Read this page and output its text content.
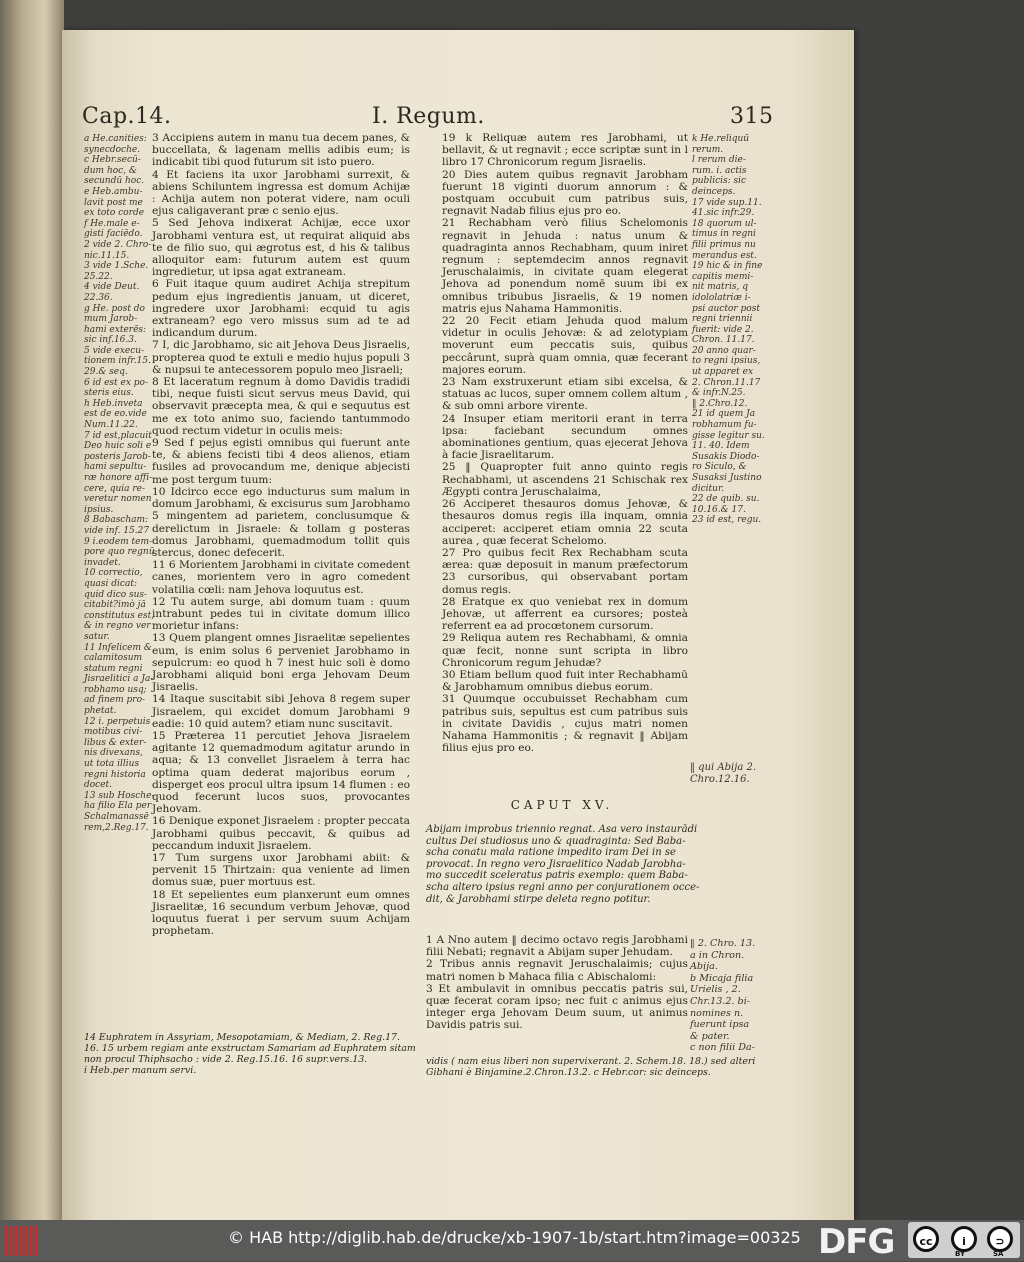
Cap.14.	I. Regum.	315
a He.canities:
synecdoche.
c Hebr.secū-
dum hoc, &
secundū hoc.
e Heb.ambu-
lavit post me
ex toto corde
f He.male e-
gisti faciēdo.
2 vide 2. Chro-
nic.11.15.
3 vide 1.Sche.
25.22.
4 vide Deut.
22.36.
g He. post do
mum Jarob-
hami exterēs:
sic inf.16.3.
5 vide execu-
tionem infr.15.
29.& seq.
6 id est ex po-
steris eius.
h Heb.inveta
est de eo.vide
Num.11.22.
7 id est,placuit
Deo huic soli e
posteris Jarob-
hami sepultu-
ræ honore affi-
cere, quia re-
veretur nomen
ipsius.
8 Babascham:
vide inf. 15.27
9 i.eodem tem-
pore quo regnū
invadet.
10 correctio,
quasi dicat:
quid dico sus-
citabit?imò jā
constitutus est,
& in regno ver
satur.
11 Infelicem &
calamitosum
statum regni
Jisraelitici a Ja-
robhamo usq;
ad finem pro-
phetat.
12 i. perpetuis
motibus civi-
libus & exter-
nis divexans,
ut tota illius
regni historia
docet.
13 sub Hosche-
ha filio Ela per
Schalmanassē
rem,2.Reg.17.

3 Accipiens autem in manu tua decem panes, & buccellata, & lagenam mellis adibis eum; is indicabit tibi quod futurum sit isto puero.

4 Et faciens ita uxor Jarobhami surrexit, & abiens Schiluntem ingressa est domum Achijæ : Achija autem non poterat videre, nam oculi ejus caligaverant præ c senio ejus.

5 Sed Jehova indixerat Achijæ, ecce uxor Jarobhami ventura est, ut requirat aliquid abs te de filio suo, qui ægrotus est, d his & talibus alloquitor eam: futurum autem est quum ingredietur, ut ipsa agat extraneam.

6 Fuit itaque quum audiret Achija strepitum pedum ejus ingredientis januam, ut diceret, ingredere uxor Jarobhami: ecquid tu agis extraneam? ego vero missus sum ad te ad indicandum durum.

7 I, dic Jarobhamo, sic ait Jehova Deus Jisraelis, propterea quod te extuli e medio hujus populi 3 & nupsui te antecessorem populo meo Jisraeli;

8 Et laceratum regnum à domo Davidis tradidi tibi, neque fuisti sicut servus meus David, qui observavit præcepta mea, & qui e sequutus est me ex toto animo suo, faciendo tantummodo quod rectum videtur in oculis meis:

9 Sed f pejus egisti omnibus qui fuerunt ante te, & abiens fecisti tibi 4 deos alienos, etiam fusiles ad provocandum me, denique abjecisti me post tergum tuum:

10 Idcirco ecce ego inducturus sum malum in domum Jarobhami, & excisurus sum Jarobhamo 5 mingentem ad parietem, conclusumque & derelictum in Jisraele: & tollam g posteras domus Jarobhami, quemadmodum tollit quis stercus, donec defecerit.

11 6 Morientem Jarobhami in civitate comedent canes, morientem vero in agro comedent volatilia cœli: nam Jehova loquutus est.

12 Tu autem surge, abi domum tuam : quum intrabunt pedes tui in civitate domum illico morietur infans:

13 Quem plangent omnes Jisraelitæ sepelientes eum, is enim solus 6 perveniet Jarobhamo in sepulcrum: eo quod h 7 inest huic soli è domo Jarobhami aliquid boni erga Jehovam Deum Jisraelis.

14 Itaque suscitabit sibi Jehova 8 regem super Jisraelem, qui excidet domum Jarobhami 9 eadie: 10 quid autem? etiam nunc suscitavit.

15 Præterea 11 percutiet Jehova Jisraelem agitante 12 quemadmodum agitatur arundo in aqua; & 13 convellet Jisraelem à terra hac optima quam dederat majoribus eorum , disperget eos procul ultra ipsum 14 flumen : eo quod fecerunt lucos suos, provocantes Jehovam.

16 Denique exponet Jisraelem : propter peccata Jarobhami quibus peccavit, & quibus ad peccandum induxit Jisraelem.

17 Tum surgens uxor Jarobhami abiit: & pervenit 15 Thirtzain: qua veniente ad limen domus suæ, puer mortuus est.

18 Et sepelientes eum planxerunt eum omnes Jisraelitæ, 16 secundum verbum Jehovæ, quod loquutus fuerat i per servum suum Achijam prophetam.

14 Euphratem in Assyriam, Mesopotamiam, & Mediam, 2. Reg.17.
16. 15 urbem regiam ante exstructam Samariam ad Euphratem sitam
non procul Thiphsacho : vide 2. Reg.15.16. 16 supr.vers.13.
i Heb.per manum servi.

19 k Reliquæ autem res Jarobhami, ut bellavit, & ut regnavit ; ecce scriptæ sunt in l libro 17 Chronicorum regum Jisraelis.

20 Dies autem quibus regnavit Jarobham fuerunt 18 viginti duorum annorum : & postquam occubuit cum patribus suis, regnavit Nadab filius ejus pro eo.

21 Rechabham verò filius Schelomonis regnavit in Jehuda : natus unum & quadraginta annos Rechabham, quum iniret regnum : septemdecim annos regnavit Jeruschalaimis, in civitate quam elegerat Jehova ad ponendum nomē suum ibi ex omnibus tribubus Jisraelis, & 19 nomen matris ejus Nahama Hammonitis.

22 20 Fecit etiam Jehuda quod malum videtur in oculis Jehovæ: & ad zelotypiam moverunt eum peccatis suis, quibus peccârunt, suprà quam omnia, quæ fecerant majores eorum.

23 Nam exstruxerunt etiam sibi excelsa, & statuas ac lucos, super omnem collem altum , & sub omni arbore virente.

24 Insuper etiam meritorii erant in terra ipsa: faciebant secundum omnes abominationes gentium, quas ejecerat Jehova à facie Jisraelitarum.

25 ‖ Quapropter fuit anno quinto regis Rechabhami, ut ascendens 21 Schischak rex Ægypti contra Jeruschalaima,

26 Acciperet thesauros domus Jehovæ, & thesauros domus regis illa inquam, omnia acciperet: acciperet etiam omnia 22 scuta aurea , quæ fecerat Schelomo.

27 Pro quibus fecit Rex Rechabham scuta ærea: quæ deposuit in manum præfectorum 23 cursoribus, qui observabant portam domus regis.

28 Eratque ex quo veniebat rex in domum Jehovæ, ut afferrent ea cursores; posteà referrent ea ad procœtonem cursorum.

29 Reliqua autem res Rechabhami, & omnia quæ fecit, nonne sunt scripta in libro Chronicorum regum Jehudæ?

30 Etiam bellum quod fuit inter Rechabhamū & Jarobhamum omnibus diebus eorum.

31 Quumque occubuisset Rechabham cum patribus suis, sepultus est cum patribus suis in civitate Davidis , cujus matri nomen Nahama Hammonitis ; & regnavit ‖ Abijam filius ejus pro eo.

k He.reliquū
rerum.
l rerum die-
rum. i. actis
publicis: sic
deinceps.
17 vide sup.11.
41.sic infr.29.
18 quorum ul-
timus in regni
filii primus nu
merandus est.
19 hic & in fine
capitis memi-
nit matris, q
idololatriæ i-
psi auctor post
regni triennii
fuerit: vide 2.
Chron. 11.17.
20 anno quar-
to regni ipsius,
ut apparet ex
2. Chron.11.17
& infr.N.25.
‖ 2.Chro.12.
21 id quem Ja
robhamum fu-
gisse legitur su.
11. 40. Idem
Susakis Diodo-
ro Siculo, &
Susaksi Justino
dicitur.
22 de quib. su.
10.16.& 17.
23 id est, regu.
‖ qui Abija 2.
Chro.12.16.
CAPUT XV.
Abijam improbus triennio regnat. Asa vero instaurādi
cultus Dei studiosus uno & quadraginta: Sed Baba-
scha conatu mala ratione impedito iram Dei in se
provocat. In regno vero Jisraelitico Nadab Jarobha-
mo succedit sceleratus patris exemplo: quem Baba-
scha altero ipsius regni anno per conjurationem occe-
dit, & Jarobhami stirpe deleta regno potitur.

1 A Nno autem ‖ decimo octavo regis Jarobhami filii Nebati; regnavit a Abijam super Jehudam.

2 Tribus annis regnavit Jeruschalaimis; cujus matri nomen b Mahaca filia c Abischalomi:

3 Et ambulavit in omnibus peccatis patris sui, quæ fecerat coram ipso; nec fuit c animus ejus integer erga Jehovam Deum suum, ut animus Davidis patris sui.

‖ 2. Chro. 13.
a in Chron.
Abija.
b Micaja filia
Urielis , 2.
Chr.13.2. bi-
nomines n.
fuerunt ipsa
& pater.
c non filii Da-
vidis ( nam eius liberi non supervixerant. 2. Schem.18. 18.) sed alteri
Gibhani è Binjamine.2.Chron.13.2. c Hebr.cor: sic deinceps.
© HAB http://diglib.hab.de/drucke/xb-1907-1b/start.htm?image=00325 DFG	cc	i	⊃
BY	SA
